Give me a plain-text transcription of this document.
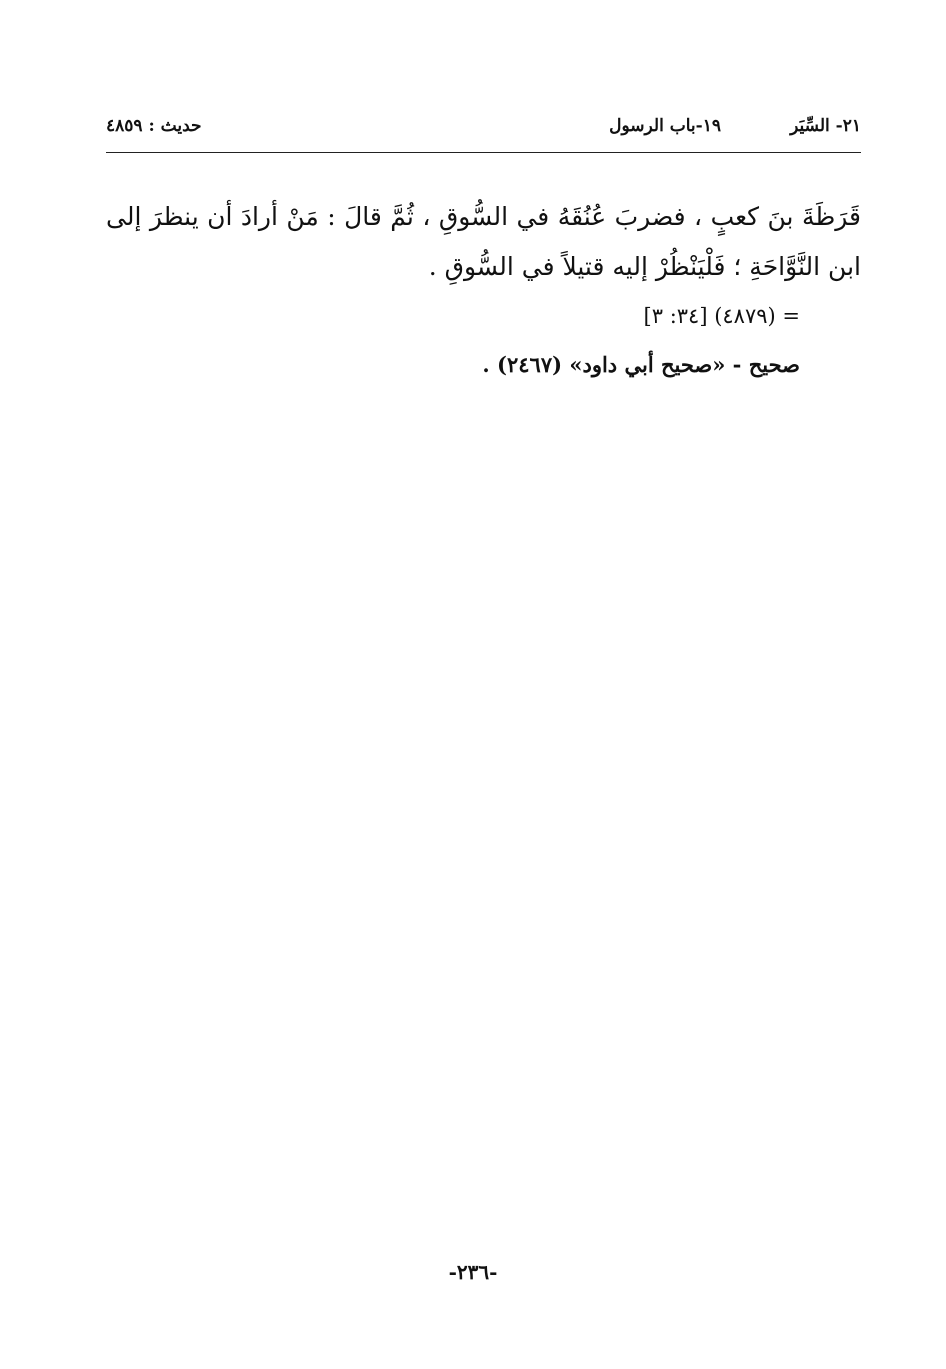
٢١- السِّيَر
١٩-باب الرسول
حديث : ٤٨٥٩
قَرَظَةَ بنَ كعبٍ ، فضربَ عُنُقَهُ في السُّوقِ ، ثُمَّ قالَ : مَنْ أرادَ أن ينظرَ إلى ابن النَّوَّاحَةِ ؛ فَلْيَنْظُرْ إليه قتيلاً في السُّوقِ .
= (٤٨٧٩) [٣٤: ٣]
صحيح - «صحيح أبي داود» (٢٤٦٧) .
-٢٣٦-
